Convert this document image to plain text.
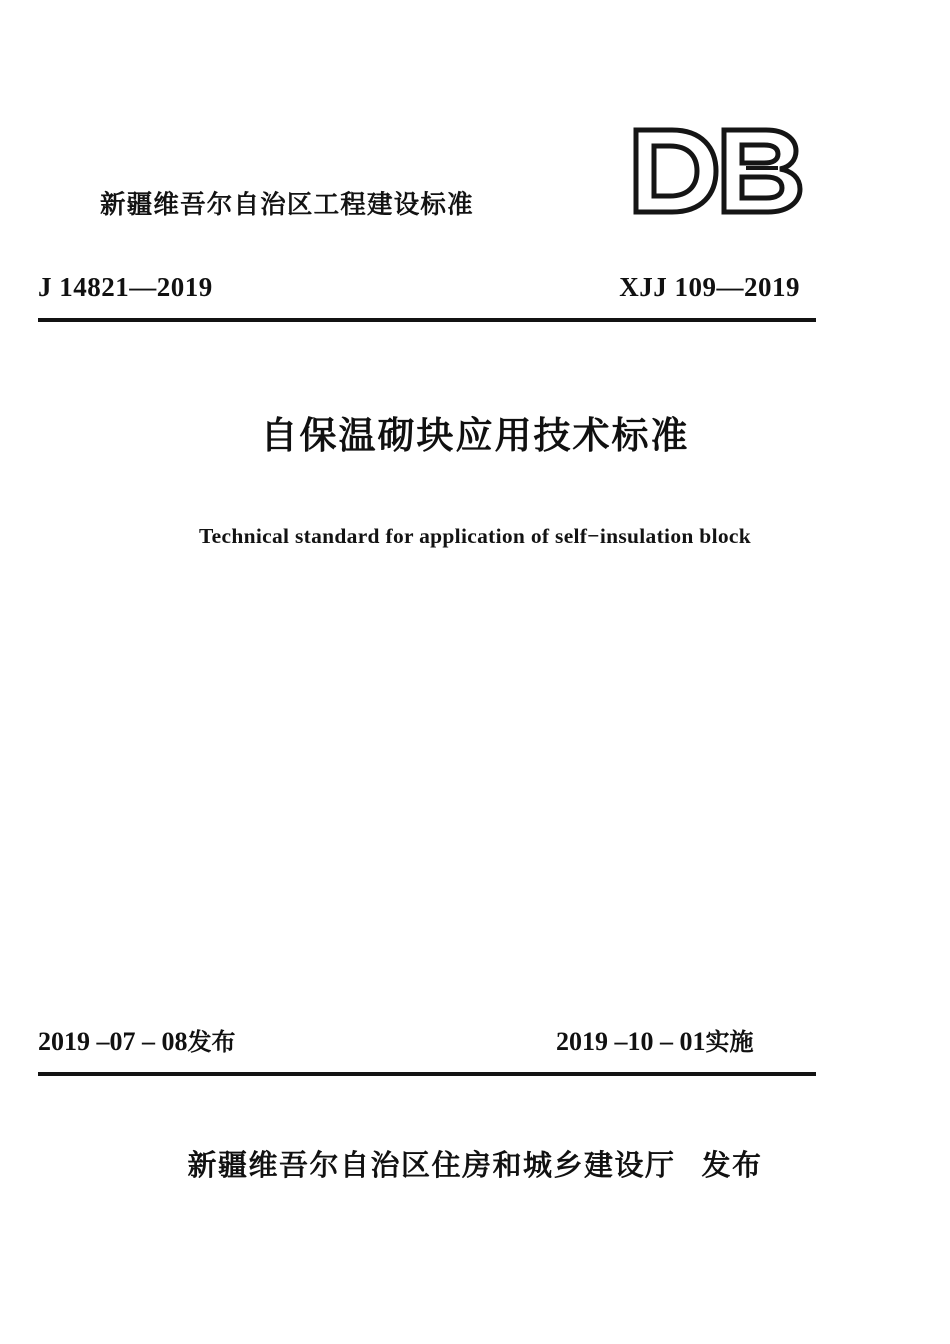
新疆维吾尔自治区工程建设标准
J 14821—2019	XJJ 109—2019
自保温砌块应用技术标准
Technical standard for application of self−insulation block
2019 –07 – 08发布	2019 –10 – 01实施
新疆维吾尔自治区住房和城乡建设厅 发布
